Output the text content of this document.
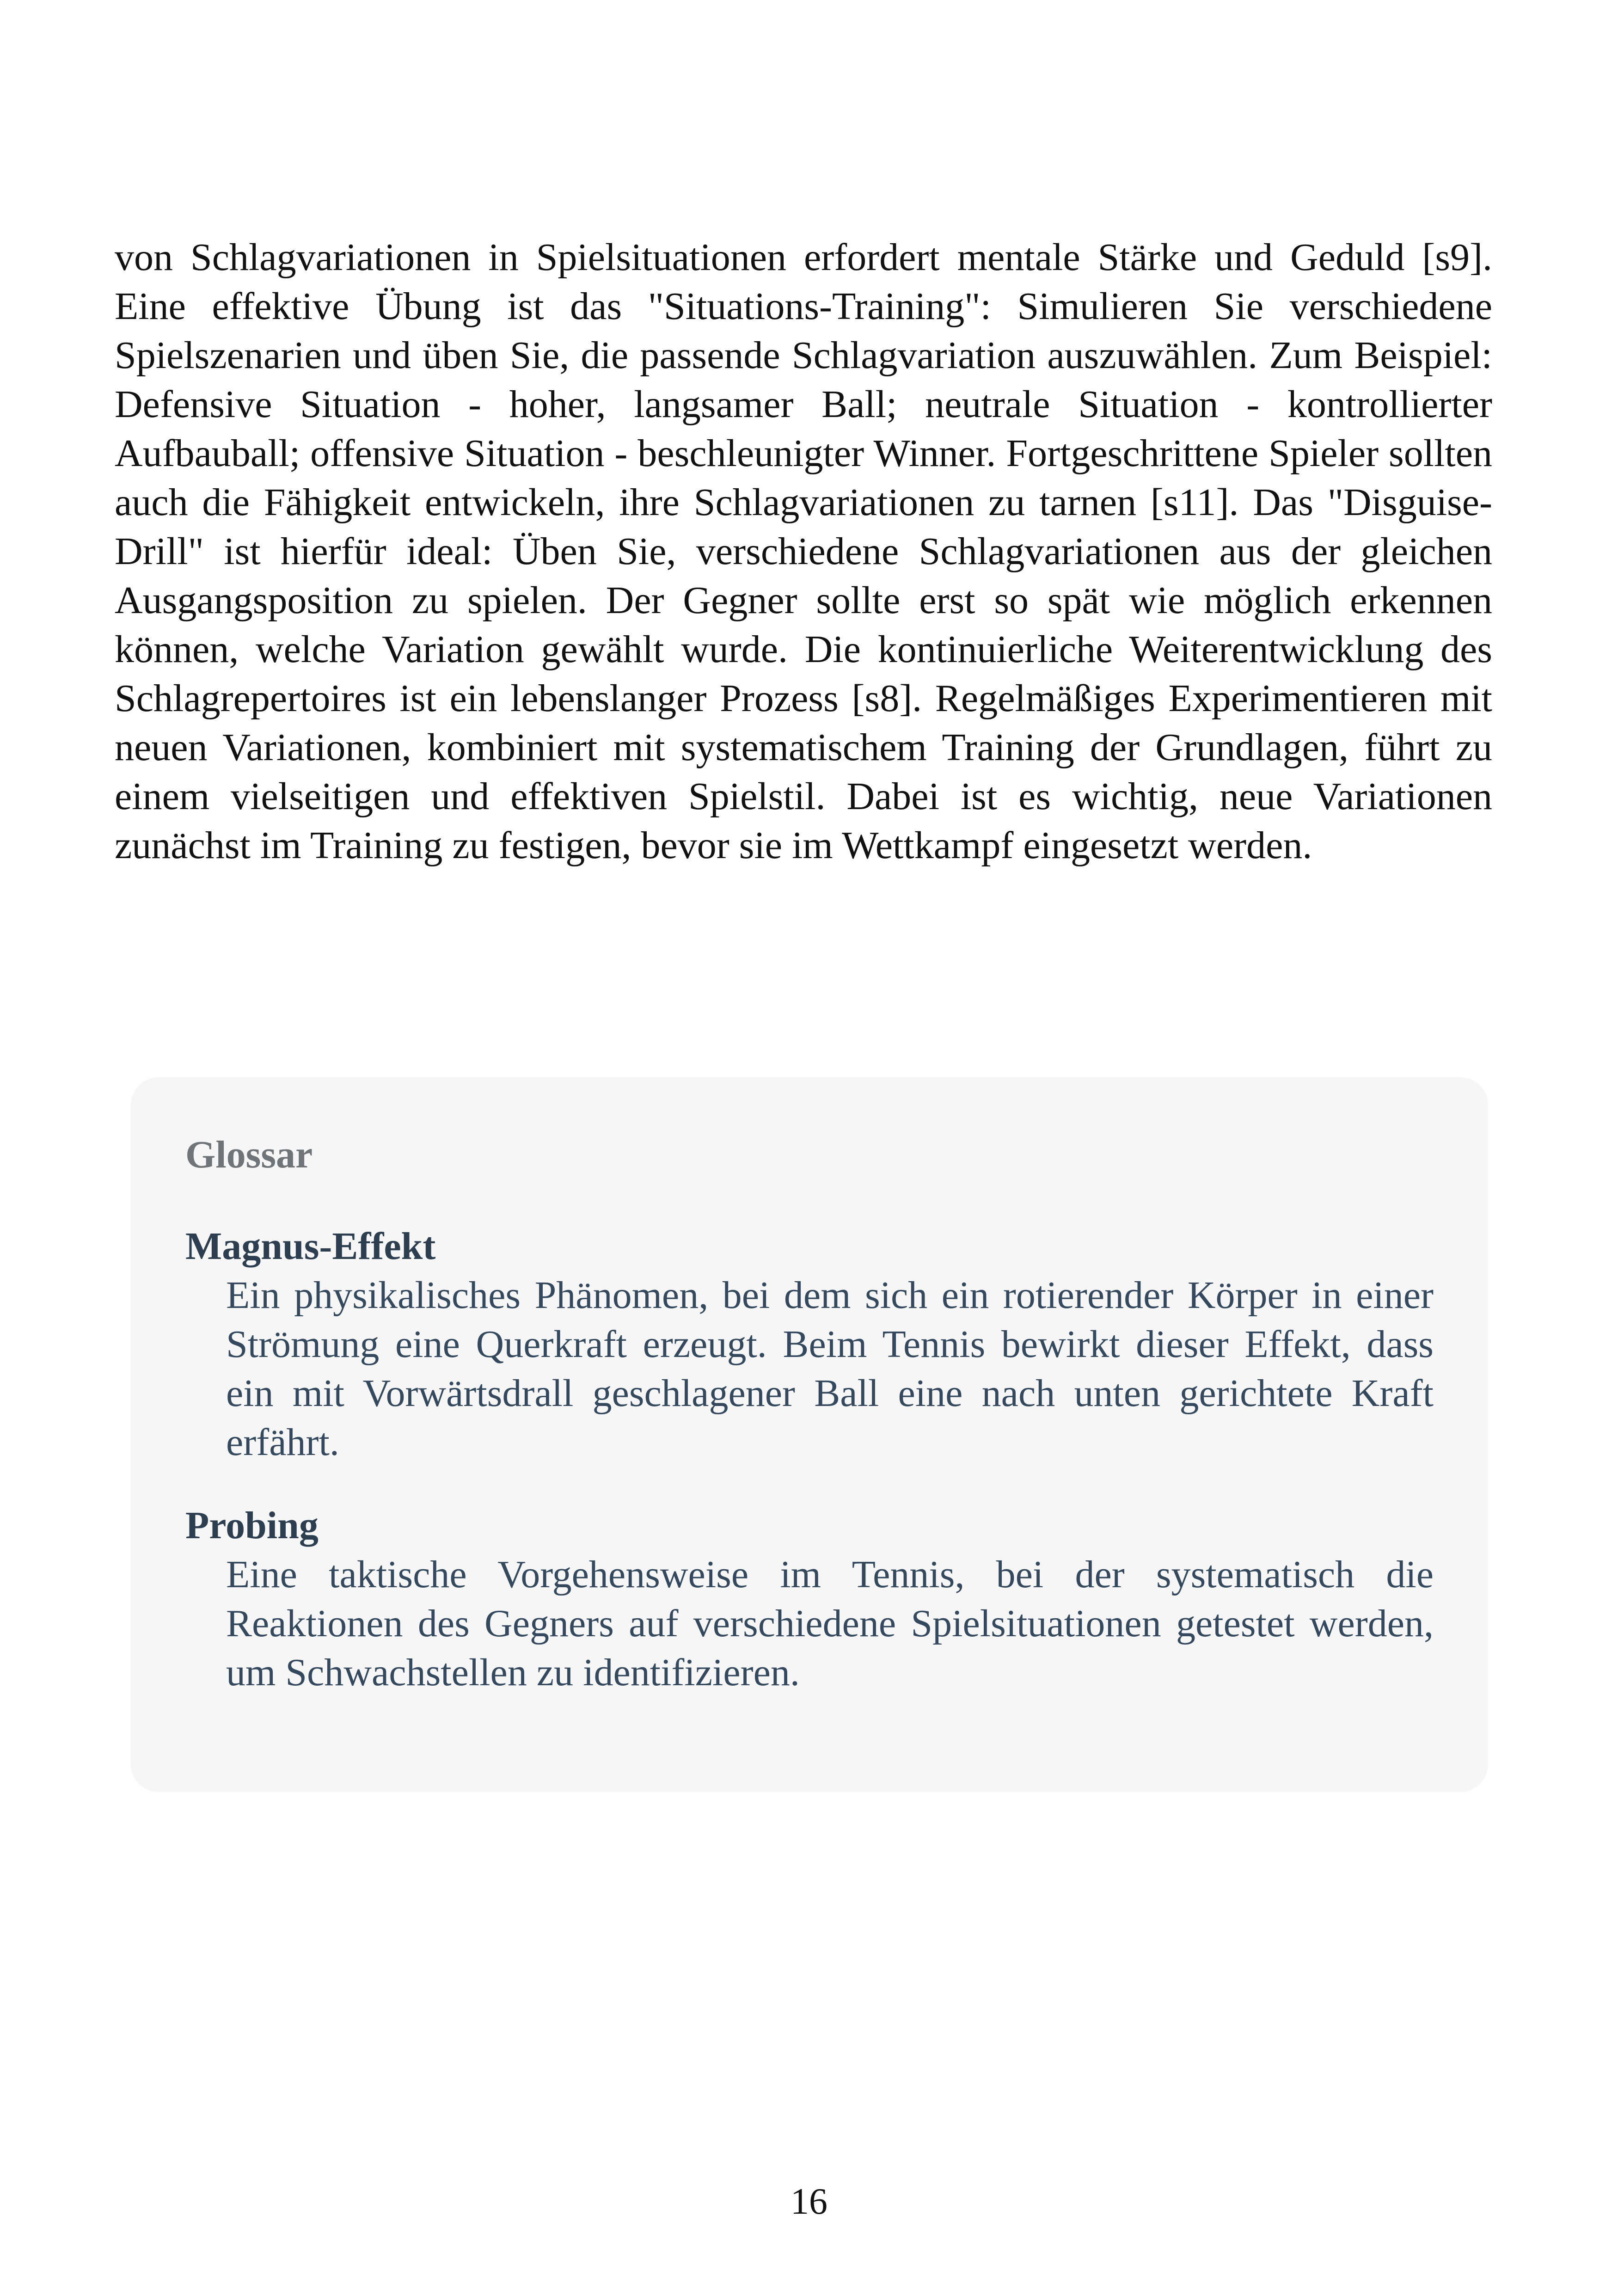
von Schlagvariationen in Spielsituationen erfordert mentale Stärke und Geduld [s9]. Eine effektive Übung ist das "Situations-Training": Simulieren Sie verschiedene Spielszenarien und üben Sie, die passende Schlagvariation auszuwählen. Zum Beispiel: Defensive Situation - hoher, langsamer Ball; neutrale Situation - kontrollierter Aufbauball; offensive Situation - beschleunigter Winner. Fortgeschrittene Spieler sollten auch die Fähigkeit entwickeln, ihre Schlagvariationen zu tarnen [s11]. Das "Disguise-Drill" ist hierfür ideal: Üben Sie, verschiedene Schlagvariationen aus der gleichen Ausgangsposition zu spielen. Der Gegner sollte erst so spät wie möglich erkennen können, welche Variation gewählt wurde. Die kontinuierliche Weiterentwicklung des Schlagrepertoires ist ein lebenslanger Prozess [s8]. Regelmäßiges Experimentieren mit neuen Variationen, kombiniert mit systematischem Training der Grundlagen, führt zu einem vielseitigen und effektiven Spielstil. Dabei ist es wichtig, neue Variationen zunächst im Training zu festigen, bevor sie im Wettkampf eingesetzt werden.

Glossar
Magnus-Effekt
Ein physikalisches Phänomen, bei dem sich ein rotierender Körper in einer Strömung eine Querkraft erzeugt. Beim Tennis bewirkt dieser Effekt, dass ein mit Vorwärtsdrall geschlagener Ball eine nach unten gerichtete Kraft erfährt.
Probing
Eine taktische Vorgehensweise im Tennis, bei der systematisch die Reaktionen des Gegners auf verschiedene Spielsituationen getestet werden, um Schwachstellen zu identifizieren.
16
